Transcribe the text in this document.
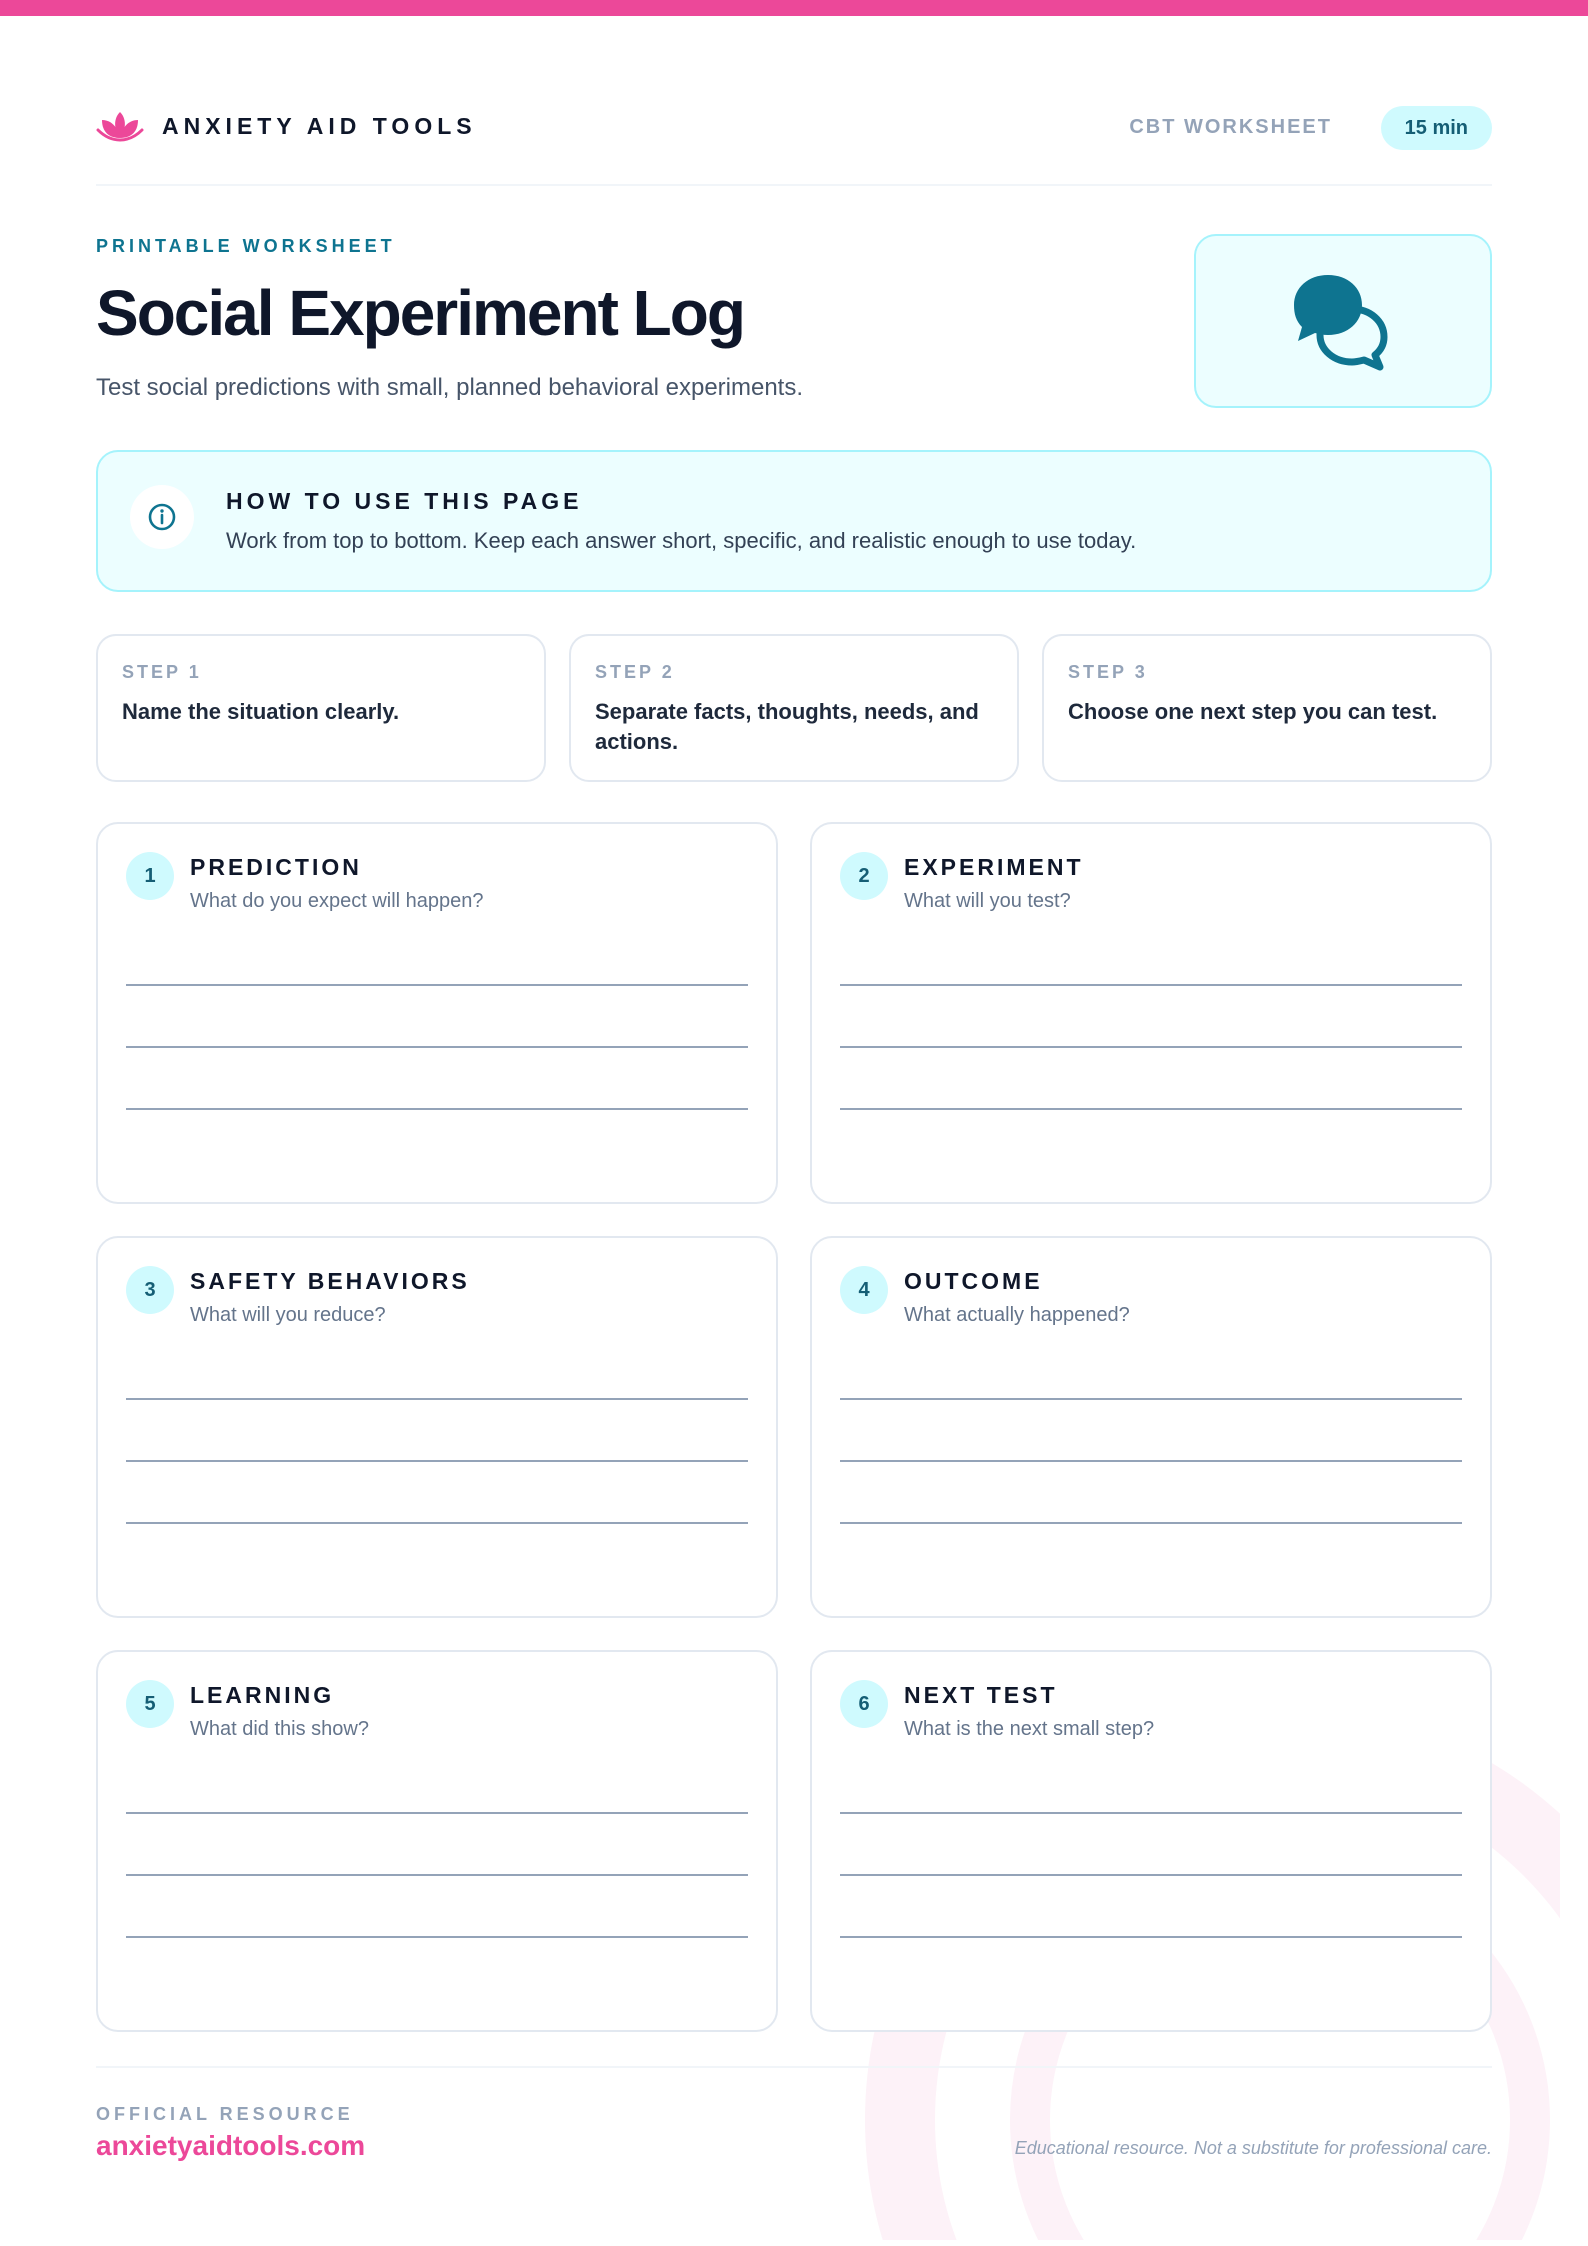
ANXIETY AID TOOLS	CBT WORKSHEET	15 min
PRINTABLE WORKSHEET
Social Experiment Log
Test social predictions with small, planned behavioral experiments.
HOW TO USE THIS PAGE
Work from top to bottom. Keep each answer short, specific, and realistic enough to use today.
STEP 1
Name the situation clearly.
STEP 2
Separate facts, thoughts, needs, and actions.
STEP 3
Choose one next step you can test.
1	PREDICTION
What do you expect will happen?
2	EXPERIMENT
What will you test?
3	SAFETY BEHAVIORS
What will you reduce?
4	OUTCOME
What actually happened?
5	LEARNING
What did this show?
6	NEXT TEST
What is the next small step?
OFFICIAL RESOURCE
anxietyaidtools.com	Educational resource. Not a substitute for professional care.
